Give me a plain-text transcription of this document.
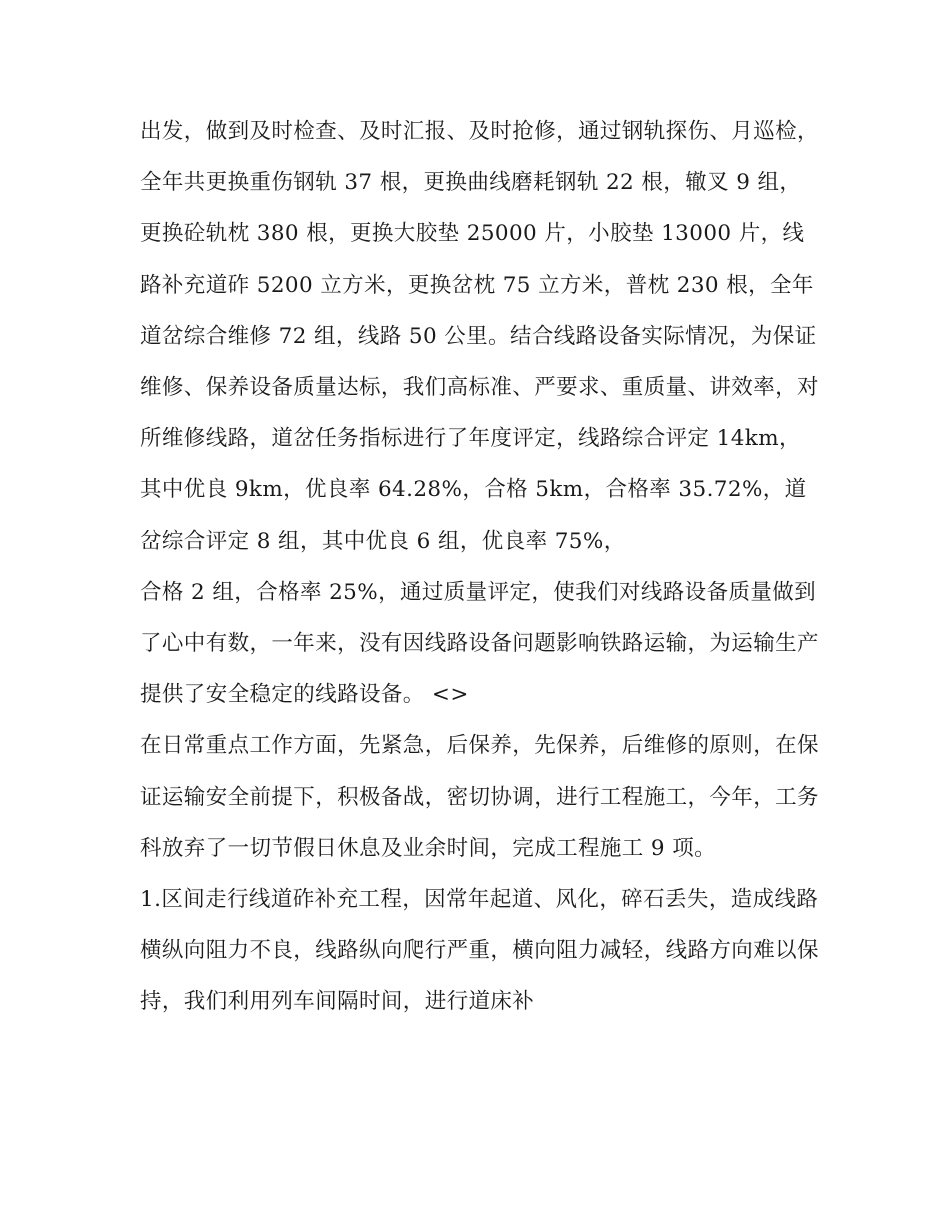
出发，做到及时检查、及时汇报、及时抢修，通过钢轨探伤、月巡检，全年共更换重伤钢轨 37 根，更换曲线磨耗钢轨 22 根，辙叉 9 组，更换砼轨枕 380 根，更换大胶垫 25000 片，小胶垫 13000 片，线路补充道砟 5200 立方米，更换岔枕 75 立方米，普枕 230 根，全年道岔综合维修 72 组，线路 50 公里。结合线路设备实际情况，为保证维修、保养设备质量达标，我们高标准、严要求、重质量、讲效率，对所维修线路，道岔任务指标进行了年度评定，线路综合评定 14km，其中优良 9km，优良率 64.28%，合格 5km，合格率 35.72%，道岔综合评定 8 组，其中优良 6 组，优良率 75%，

合格 2 组，合格率 25%，通过质量评定，使我们对线路设备质量做到了心中有数，一年来，没有因线路设备问题影响铁路运输，为运输生产提供了安全稳定的线路设备。 <>

在日常重点工作方面，先紧急，后保养，先保养，后维修的原则，在保证运输安全前提下，积极备战，密切协调，进行工程施工，今年，工务科放弃了一切节假日休息及业余时间，完成工程施工 9 项。

1.区间走行线道砟补充工程，因常年起道、风化，碎石丢失，造成线路横纵向阻力不良，线路纵向爬行严重，横向阻力减轻，线路方向难以保持，我们利用列车间隔时间，进行道床补
